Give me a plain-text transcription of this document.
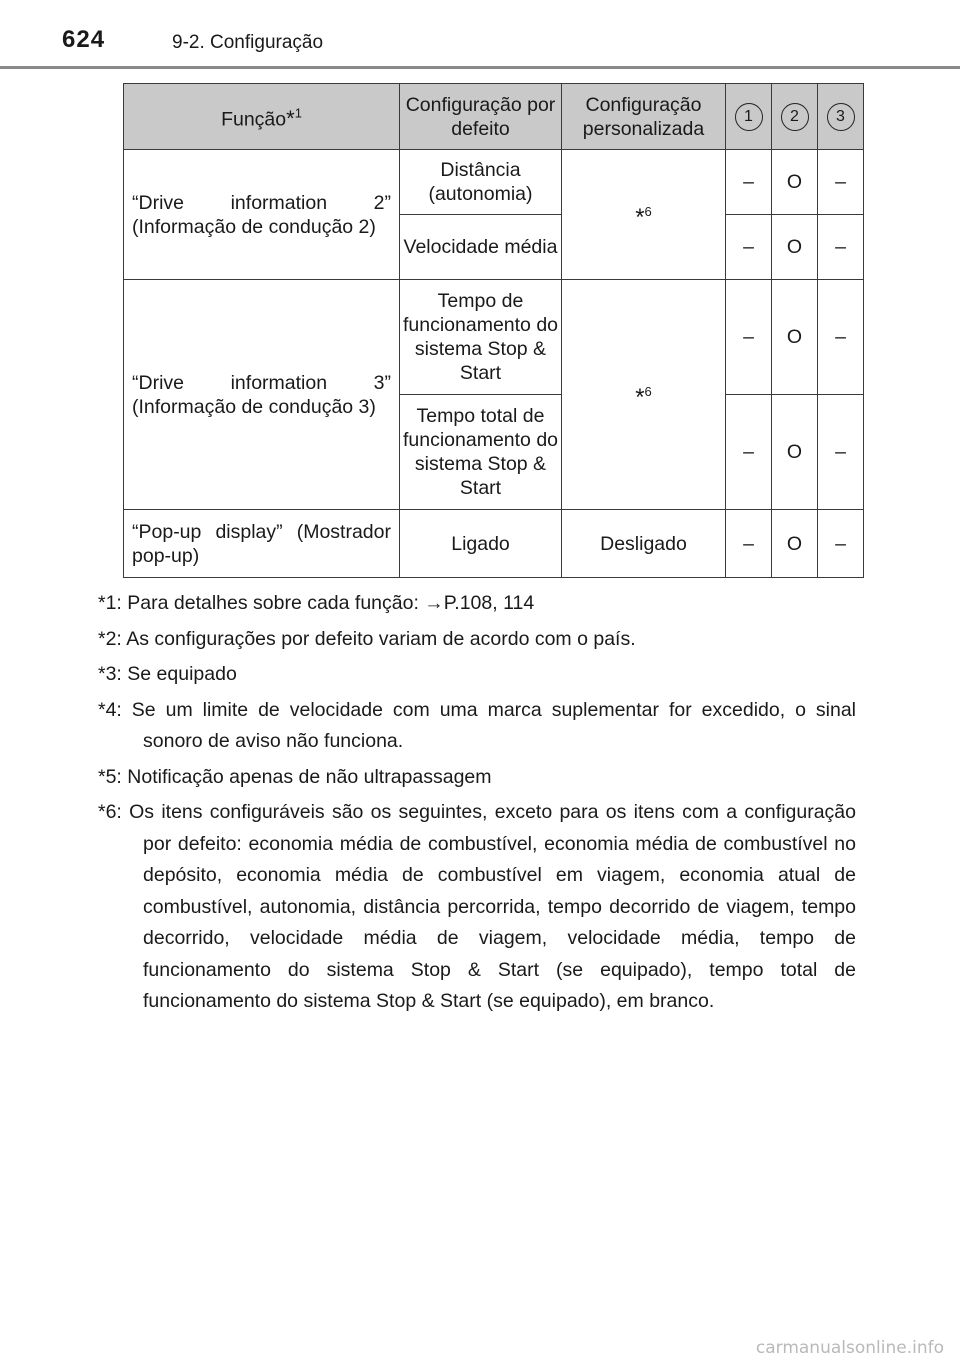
624	9-2. Configuração
Função*$^1$	Configuração por defeito	Configuração personalizada	1	2	3
“Drive information 2” (Informação de condução 2)	Distância (autonomia)	*$^6$	–	O	–
	Velocidade média		–	O	–
“Drive information 3” (Informação de condução 3)	Tempo de funcionamento do sistema Stop & Start	*$^6$	–	O	–
	Tempo total de funcionamento do sistema Stop & Start		–	O	–
“Pop-up display” (Mostrador pop-up)	Ligado	Desligado	–	O	–
*1: Para detalhes sobre cada função: →P.108, 114
*2: As configurações por defeito variam de acordo com o país.
*3: Se equipado
*4: Se um limite de velocidade com uma marca suplementar for excedido, o sinal sonoro de aviso não funciona.
*5: Notificação apenas de não ultrapassagem
*6: Os itens configuráveis são os seguintes, exceto para os itens com a configuração por defeito: economia média de combustível, economia média de combustível no depósito, economia média de combustível em viagem, economia atual de combustível, autonomia, distância percorrida, tempo decorrido de viagem, tempo decorrido, velocidade média de viagem, velocidade média, tempo de funcionamento do sistema Stop & Start (se equipado), tempo total de funcionamento do sistema Stop & Start (se equipado), em branco.
carmanualsonline.info
